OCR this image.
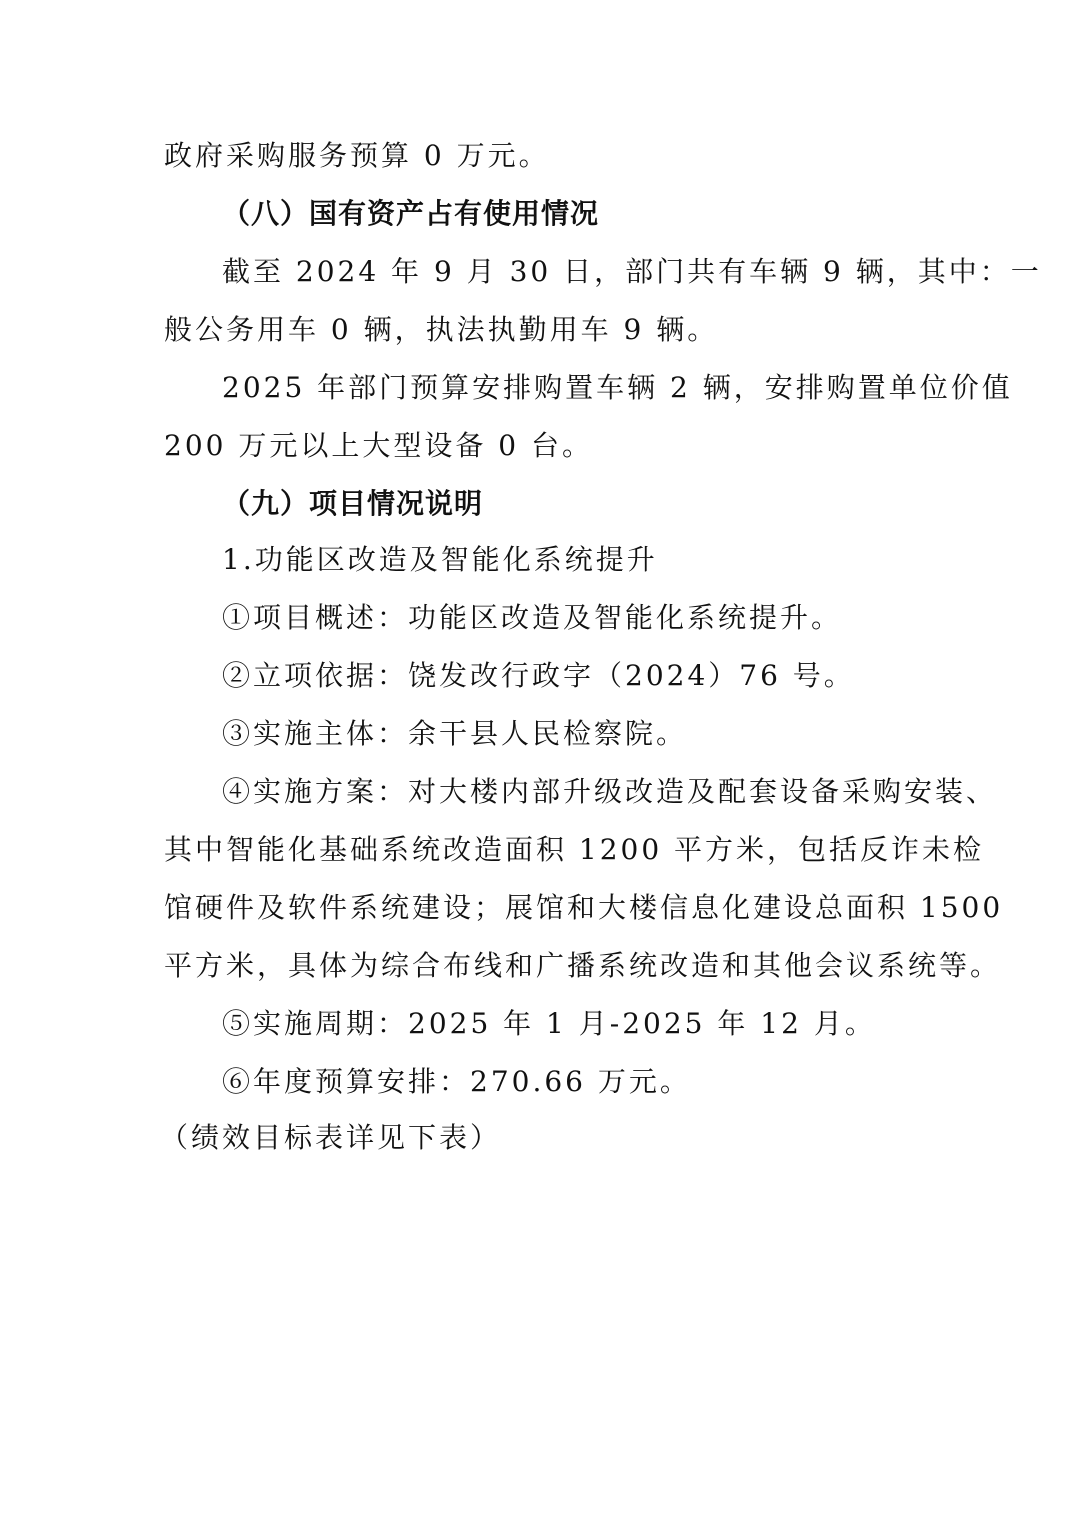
政府采购服务预算 0 万元。
（八）国有资产占有使用情况
截至 2024 年 9 月 30 日，部门共有车辆 9 辆，其中：一
般公务用车 0 辆，执法执勤用车 9 辆。
2025 年部门预算安排购置车辆 2 辆，安排购置单位价值
200 万元以上大型设备 0 台。
（九）项目情况说明
1.功能区改造及智能化系统提升
①项目概述：功能区改造及智能化系统提升。
②立项依据：饶发改行政字（2024）76 号。
③实施主体：余干县人民检察院。
④实施方案：对大楼内部升级改造及配套设备采购安装、
其中智能化基础系统改造面积 1200 平方米，包括反诈未检
馆硬件及软件系统建设；展馆和大楼信息化建设总面积 1500
平方米，具体为综合布线和广播系统改造和其他会议系统等。
⑤实施周期：2025 年 1 月-2025 年 12 月。
⑥年度预算安排：270.66 万元。
（绩效目标表详见下表）
